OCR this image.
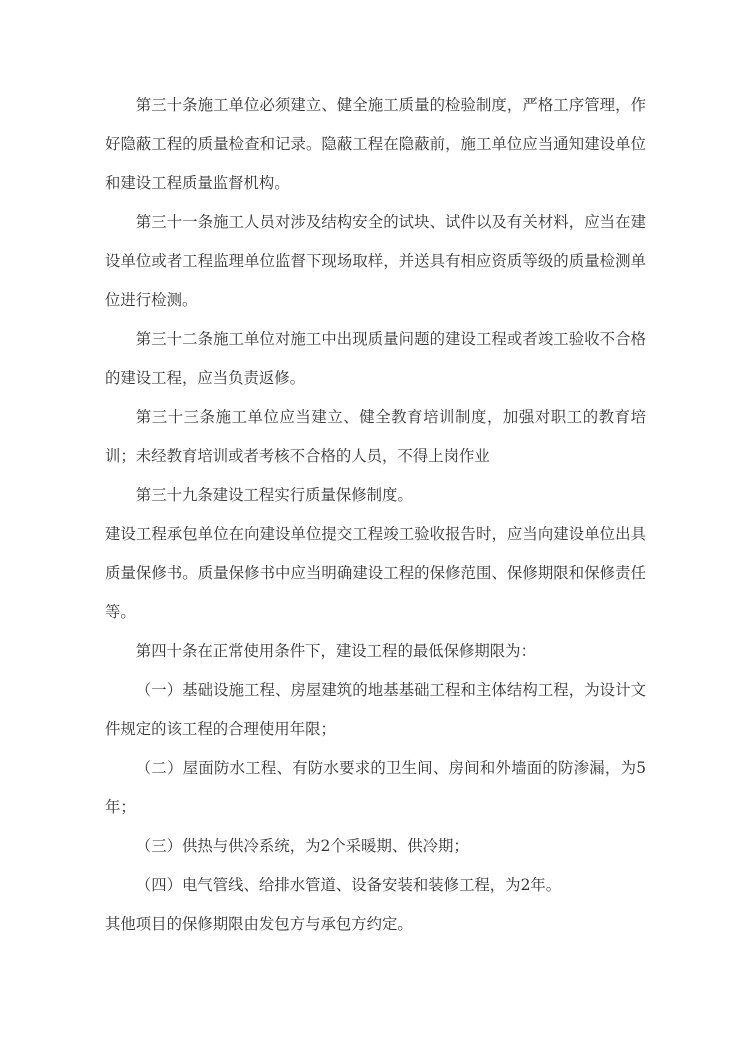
第三十条施工单位必须建立、健全施工质量的检验制度，严格工序管理，作好隐蔽工程的质量检查和记录。隐蔽工程在隐蔽前，施工单位应当通知建设单位和建设工程质量监督机构。

第三十一条施工人员对涉及结构安全的试块、试件以及有关材料，应当在建设单位或者工程监理单位监督下现场取样，并送具有相应资质等级的质量检测单位进行检测。

第三十二条施工单位对施工中出现质量问题的建设工程或者竣工验收不合格的建设工程，应当负责返修。

第三十三条施工单位应当建立、健全教育培训制度，加强对职工的教育培训；未经教育培训或者考核不合格的人员，不得上岗作业

第三十九条建设工程实行质量保修制度。

建设工程承包单位在向建设单位提交工程竣工验收报告时，应当向建设单位出具质量保修书。质量保修书中应当明确建设工程的保修范围、保修期限和保修责任等。

第四十条在正常使用条件下，建设工程的最低保修期限为：

（一）基础设施工程、房屋建筑的地基基础工程和主体结构工程，为设计文件规定的该工程的合理使用年限；

（二）屋面防水工程、有防水要求的卫生间、房间和外墙面的防渗漏，为5年；

（三）供热与供冷系统，为2个采暖期、供冷期；

（四）电气管线、给排水管道、设备安装和装修工程，为2年。

其他项目的保修期限由发包方与承包方约定。
